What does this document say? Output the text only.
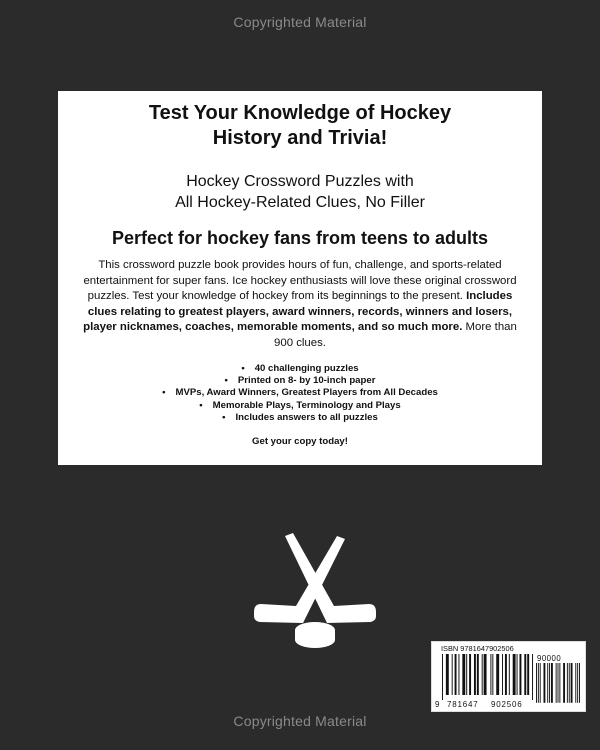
Copyrighted Material
Test Your Knowledge of Hockey
History and Trivia!

Hockey Crossword Puzzles with
All Hockey-Related Clues, No Filler

Perfect for hockey fans from teens to adults

This crossword puzzle book provides hours of fun, challenge, and sports-related entertainment for super fans. Ice hockey enthusiasts will love these original crossword puzzles. Test your knowledge of hockey from its beginnings to the present. Includes clues relating to greatest players, award winners, records, winners and losers, player nicknames, coaches, memorable moments, and so much more. More than 900 clues.

• 40 challenging puzzles
• Printed on 8- by 10-inch paper
• MVPs, Award Winners, Greatest Players from All Decades
• Memorable Plays, Terminology and Plays
• Includes answers to all puzzles

Get your copy today!

ISBN 9781647902506
90000
9 781647 902506
Copyrighted Material
